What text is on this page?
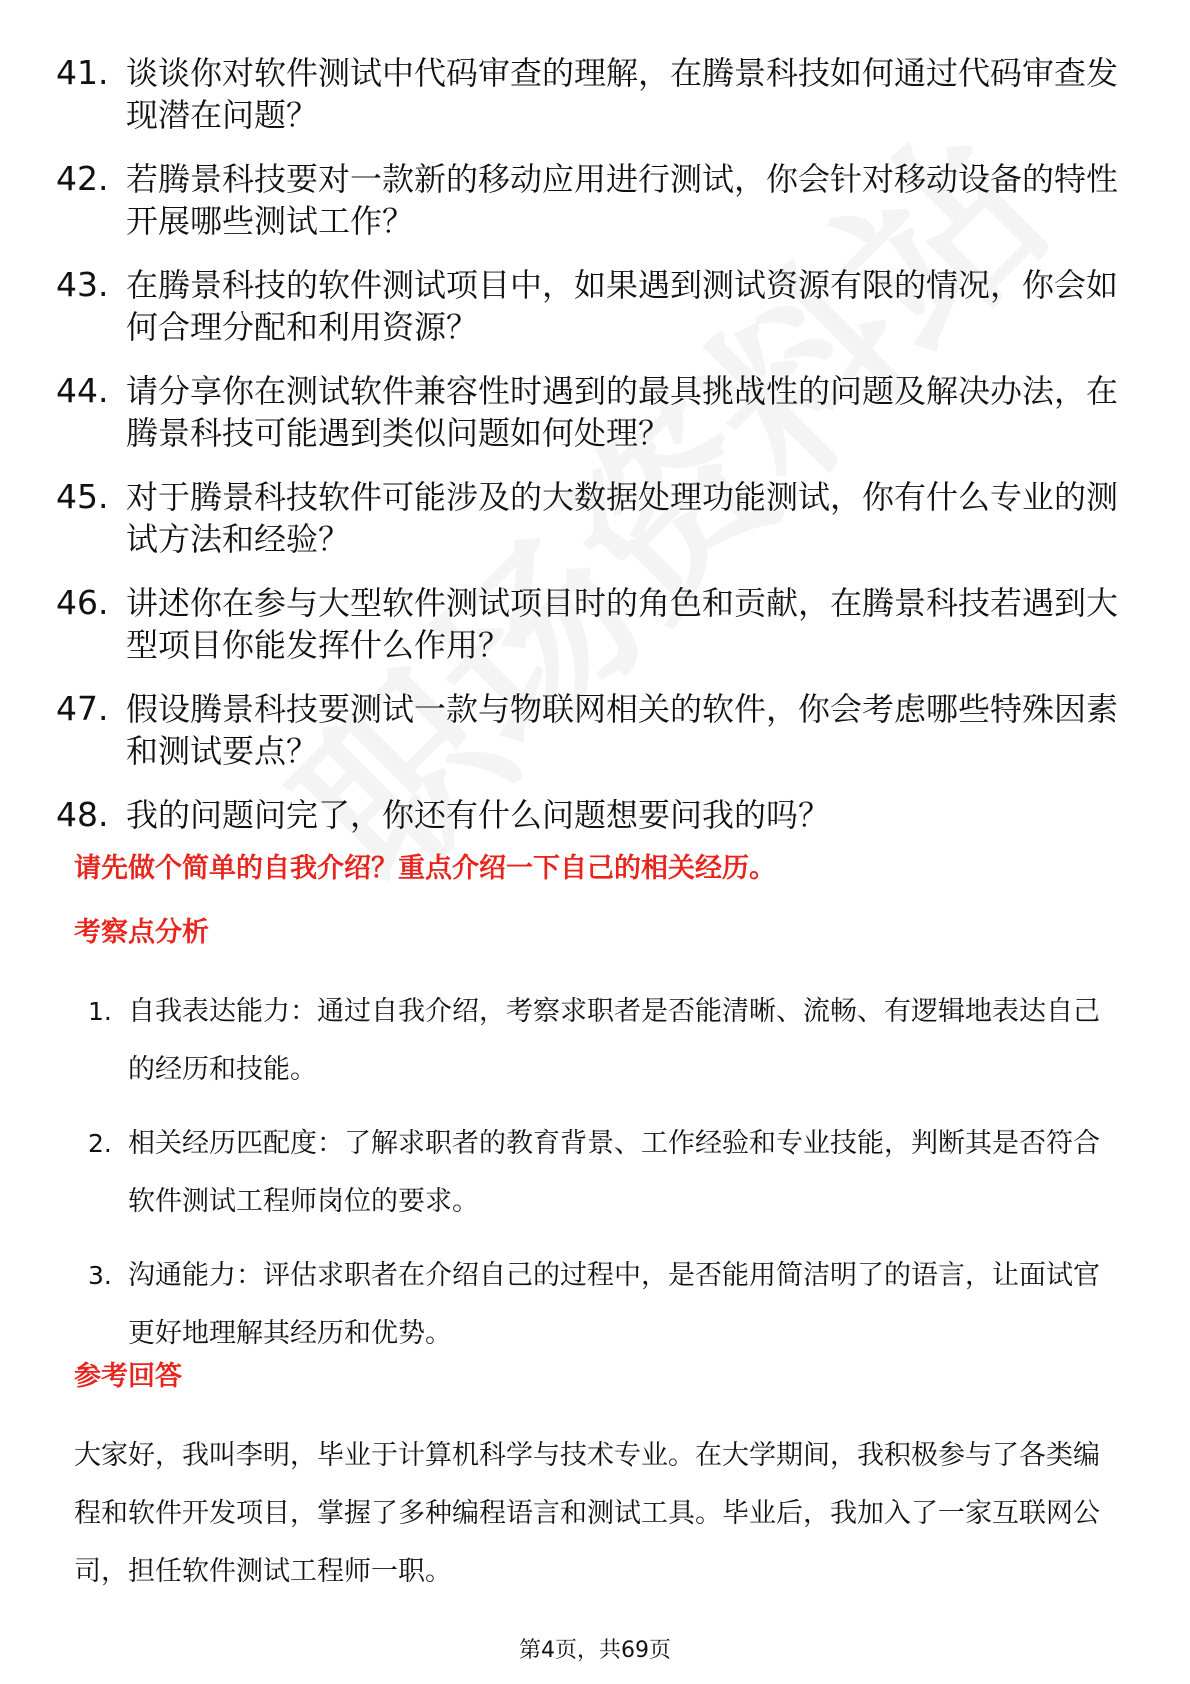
41. 谈谈你对软件测试中代码审查的理解，在腾景科技如何通过代码审查发现潜在问题？
42. 若腾景科技要对一款新的移动应用进行测试，你会针对移动设备的特性开展哪些测试工作？
43. 在腾景科技的软件测试项目中，如果遇到测试资源有限的情况，你会如何合理分配和利用资源？
44. 请分享你在测试软件兼容性时遇到的最具挑战性的问题及解决办法，在腾景科技可能遇到类似问题如何处理？
45. 对于腾景科技软件可能涉及的大数据处理功能测试，你有什么专业的测试方法和经验？
46. 讲述你在参与大型软件测试项目时的角色和贡献，在腾景科技若遇到大型项目你能发挥什么作用？
47. 假设腾景科技要测试一款与物联网相关的软件，你会考虑哪些特殊因素和测试要点？
48. 我的问题问完了，你还有什么问题想要问我的吗？
请先做个简单的自我介绍？重点介绍一下自己的相关经历。
考察点分析
1. 自我表达能力：通过自我介绍，考察求职者是否能清晰、流畅、有逻辑地表达自己的经历和技能。
2. 相关经历匹配度：了解求职者的教育背景、工作经验和专业技能，判断其是否符合软件测试工程师岗位的要求。
3. 沟通能力：评估求职者在介绍自己的过程中，是否能用简洁明了的语言，让面试官更好地理解其经历和优势。
参考回答
大家好，我叫李明，毕业于计算机科学与技术专业。在大学期间，我积极参与了各类编程和软件开发项目，掌握了多种编程语言和测试工具。毕业后，我加入了一家互联网公司，担任软件测试工程师一职。
第4页，共69页
